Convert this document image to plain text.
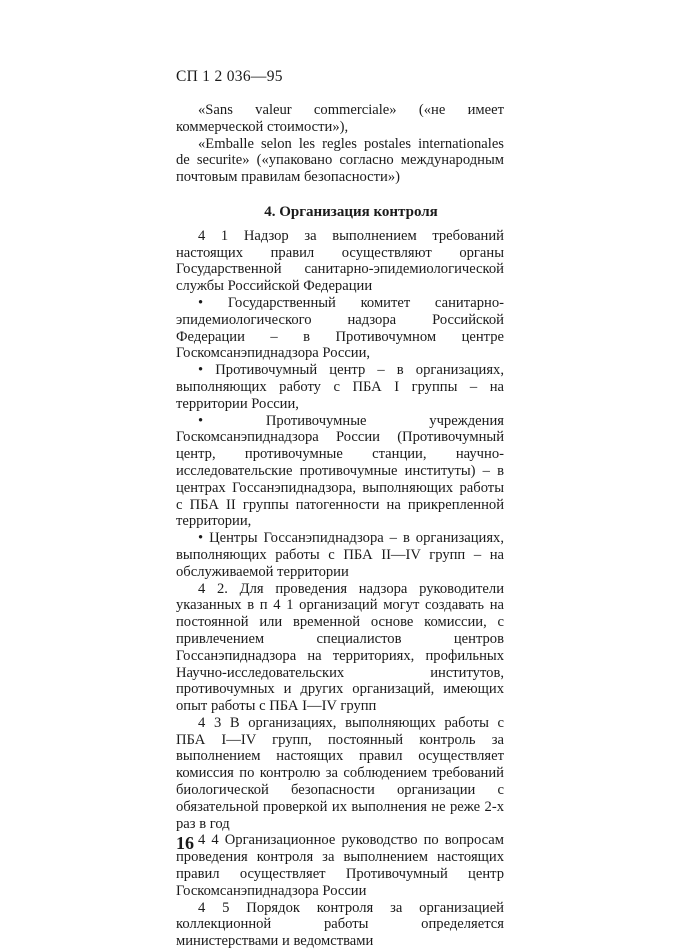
СП 1 2 036—95

«Sans valeur commerciale» («не имеет коммерческой стоимости»),

«Emballe selon les regles postales internationales de securite» («упаковано согласно международным почтовым правилам безопасности»)

4. Организация контроля

4 1 Надзор за выполнением требований настоящих правил осуществляют органы Государственной санитарно-эпидемиологической службы Российской Федерации

• Государственный комитет санитарно-эпидемиологического надзора Российской Федерации – в Противочумном центре Госкомсанэпиднадзора России,

• Противочумный центр – в организациях, выполняющих работу с ПБА I группы – на территории России,

• Противочумные учреждения Госкомсанэпиднадзора России (Противочумный центр, противочумные станции, научно-исследовательские противочумные институты) – в центрах Госсанэпиднадзора, выполняющих работы с ПБА II группы патогенности на прикрепленной территории,

• Центры Госсанэпиднадзора – в организациях, выполняющих работы с ПБА II—IV групп – на обслуживаемой территории

4 2. Для проведения надзора руководители указанных в п 4 1 организаций могут создавать на постоянной или временной основе комиссии, с привлечением специалистов центров Госсанэпиднадзора на территориях, профильных Научно-исследовательских институтов, противочумных и других организаций, имеющих опыт работы с ПБА I—IV групп

4 3 В организациях, выполняющих работы с ПБА I—IV групп, постоянный контроль за выполнением настоящих правил осуществляет комиссия по контролю за соблюдением требований биологической безопасности организации с обязательной проверкой их выполнения не реже 2-х раз в год

4 4 Организационное руководство по вопросам проведения контроля за выполнением настоящих правил осуществляет Противочумный центр Госкомсанэпиднадзора России

4 5 Порядок контроля за организацией коллекционной работы определяется министерствами и ведомствами

16
